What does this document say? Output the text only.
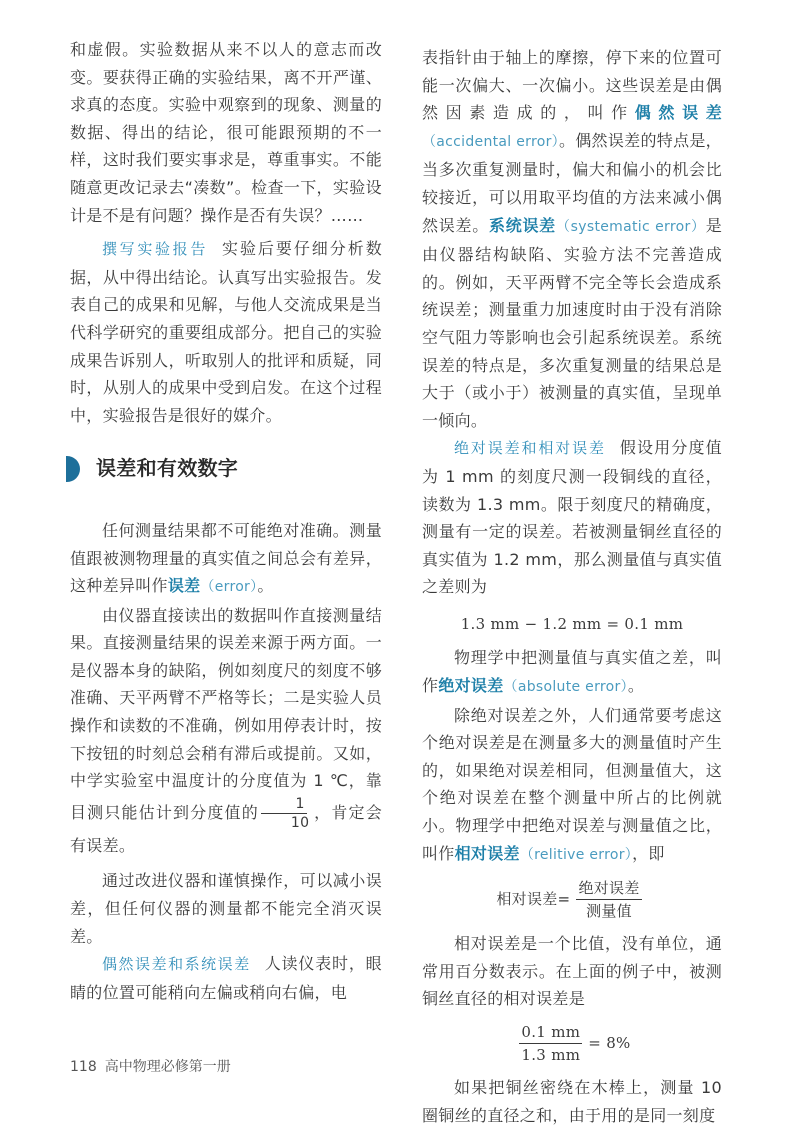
和虚假。实验数据从来不以人的意志而改变。要获得正确的实验结果，离不开严谨、求真的态度。实验中观察到的现象、测量的数据、得出的结论，很可能跟预期的不一样，这时我们要实事求是，尊重事实。不能随意更改记录去“凑数”。检查一下，实验设计是不是有问题？操作是否有失误？……

撰写实验报告 实验后要仔细分析数据，从中得出结论。认真写出实验报告。发表自己的成果和见解，与他人交流成果是当代科学研究的重要组成部分。把自己的实验成果告诉别人，听取别人的批评和质疑，同时，从别人的成果中受到启发。在这个过程中，实验报告是很好的媒介。

误差和有效数字

任何测量结果都不可能绝对准确。测量值跟被测物理量的真实值之间总会有差异，这种差异叫作误差（error）。

由仪器直接读出的数据叫作直接测量结果。直接测量结果的误差来源于两方面。一是仪器本身的缺陷，例如刻度尺的刻度不够准确、天平两臂不严格等长；二是实验人员操作和读数的不准确，例如用停表计时，按下按钮的时刻总会稍有滞后或提前。又如，中学实验室中温度计的分度值为 1 ℃，靠目测只能估计到分度值的 $\frac{1}{10}$ ，肯定会有误差。

通过改进仪器和谨慎操作，可以减小误差，但任何仪器的测量都不能完全消灭误差。

偶然误差和系统误差 人读仪表时，眼睛的位置可能稍向左偏或稍向右偏，电

表指针由于轴上的摩擦，停下来的位置可能一次偏大、一次偏小。这些误差是由偶然因素造成的，叫作偶然误差（accidental error）。偶然误差的特点是，当多次重复测量时，偏大和偏小的机会比较接近，可以用取平均值的方法来减小偶然误差。系统误差（systematic error）是由仪器结构缺陷、实验方法不完善造成的。例如，天平两臂不完全等长会造成系统误差；测量重力加速度时由于没有消除空气阻力等影响也会引起系统误差。系统误差的特点是，多次重复测量的结果总是大于（或小于）被测量的真实值，呈现单一倾向。

绝对误差和相对误差 假设用分度值为 1 mm 的刻度尺测一段铜线的直径，读数为 1.3 mm。限于刻度尺的精确度，测量有一定的误差。若被测量铜丝直径的真实值为 1.2 mm，那么测量值与真实值之差则为

1.3 mm − 1.2 mm = 0.1 mm

物理学中把测量值与真实值之差，叫作绝对误差（absolute error）。

除绝对误差之外，人们通常要考虑这个绝对误差是在测量多大的测量值时产生的，如果绝对误差相同，但测量值大，这个绝对误差在整个测量中所占的比例就小。物理学中把绝对误差与测量值之比，叫作相对误差（relitive error），即

相对误差= $\frac{\text{绝对误差}}{\text{测量值}}$

相对误差是一个比值，没有单位，通常用百分数表示。在上面的例子中，被测铜丝直径的相对误差是

$\frac{0.1 mm}{1.3 mm} = 8\%$

如果把铜丝密绕在木棒上，测量 10 圈铜丝的直径之和，由于用的是同一刻度

118 高中物理必修第一册
